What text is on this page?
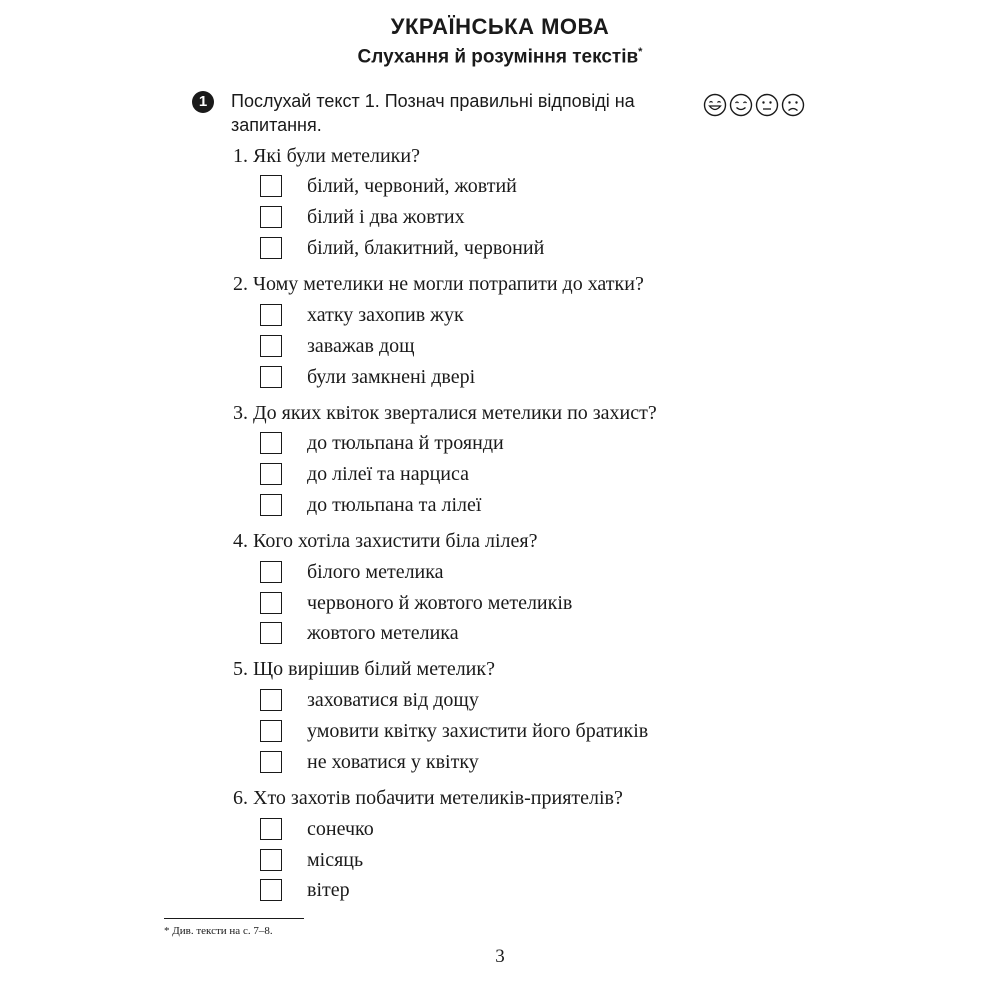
УКРАЇНСЬКА МОВА
Слухання й розуміння текстів*
1	Послухай текст 1. Познач правильні відповіді на запитання.
1. Які були метелики?
білий, червоний, жовтий
білий і два жовтих
білий, блакитний, червоний
2. Чому метелики не могли потрапити до хатки?
хатку захопив жук
заважав дощ
були замкнені двері
3. До яких квіток зверталися метелики по захист?
до тюльпана й троянди
до лілеї та нарциса
до тюльпана та лілеї
4. Кого хотіла захистити біла лілея?
білого метелика
червоного й жовтого метеликів
жовтого метелика
5. Що вирішив білий метелик?
заховатися від дощу
умовити квітку захистити його братиків
не ховатися у квітку
6. Хто захотів побачити метеликів-приятелів?
сонечко
місяць
вітер
* Див. тексти на с. 7–8.
3
